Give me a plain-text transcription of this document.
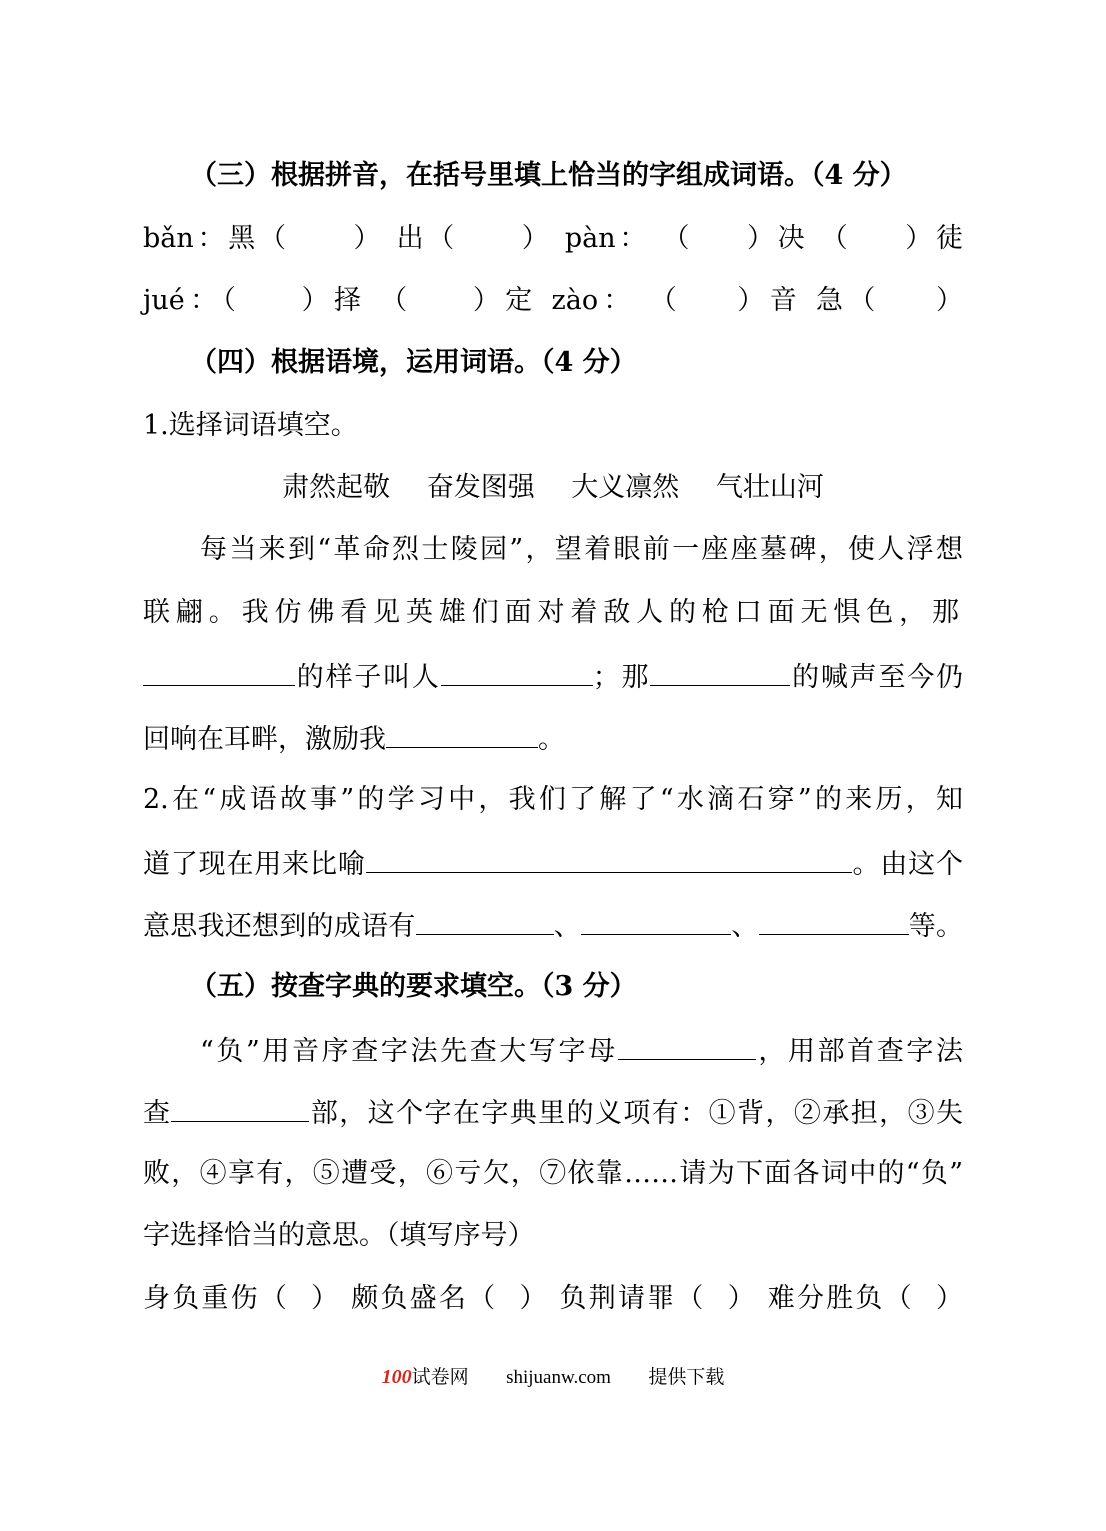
（三）根据拼音，在括号里填上恰当的字组成词语。（4 分）
bǎn：黑（ ） 出（ ） pàn： （ ）决 （ ）徒
jué：（ ）择 （ ）定 zào： （ ）音 急（ ）
（四）根据语境，运用词语。（4 分）
1.选择词语填空。
肃然起敬 奋发图强 大义凛然 气壮山河
每当来到“革命烈士陵园”，望着眼前一座座墓碑，使人浮想
联翩。我仿佛看见英雄们面对着敌人的枪口面无惧色，那
的样子叫人	；那	的喊声至今仍
回响在耳畔，激励我	。
2.在“成语故事”的学习中，我们了解了“水滴石穿”的来历，知
道了现在用来比喻	。由这个
意思我还想到的成语有	、	、	等。
（五）按查字典的要求填空。（3 分）
“负”用音序查字法先查大写字母	，用部首查字法
查	部，这个字在字典里的义项有：①背，②承担，③失
败，④享有，⑤遭受，⑥亏欠，⑦依靠……请为下面各词中的“负”
字选择恰当的意思。（填写序号）
身负重伤（ ） 颇负盛名（ ） 负荆请罪（ ） 难分胜负（ ）
100试卷网 shijuanw.com 提供下载
